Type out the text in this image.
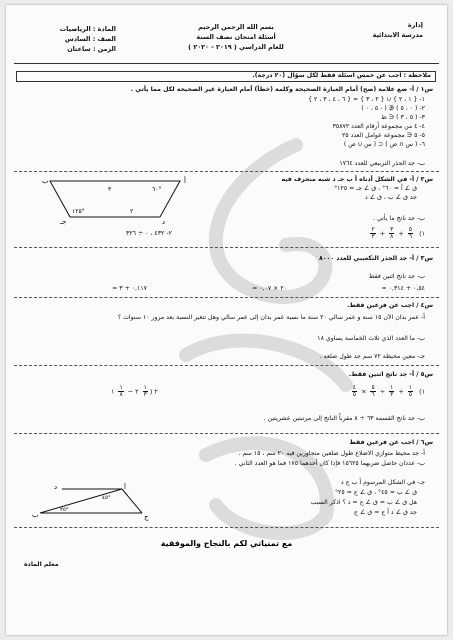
إدارة
مدرسة الابتدائية
بسم الله الرحمن الرحيم
أسئلة امتحان نصف السنة
للعام الدراسي ( ٢٠١٩ - ٢٠٢٠ )
المادة : الرياضيات
الصف : السادس
الزمن : ساعتان
ملاحظة : اجب عن خمس اسئلة فقط لكل سؤال (٢٠ درجة).
س١ / أ- ضع علامة (صح) أمام العبارة الصحيحة وكلمة (خطأ) أمام العبارة غير الصحيحة لكل مما يأتي .
١- { ١ ، ٢ } ∪ { ٢ ، ٣ } = { ٦ ، ٤ ، ٣ ، ٢ }
٢- ( ٠ ، ٥ ) ∉ ( - ٥ ، ٠ )
٣- ( ٥ ، ٣ ) ∈ ط
٤- ٤ من مجموعة أرقام العدد ٣٥٨٧٢
٥- ٥ ∈ مجموعة عوامل العدد ٢٥
٦- ( س ∩ ص ) ⊂ ( س ∪ ص )
ب- جد الجذر التربيعي للعدد ١٧٦٤
س٢ / أ- في الشكل أدناه أ ب جـ د شبه منحرف فيه
ق ∠ أ = ٦٠° ، ق ∠ جـ = ١٢٥°
جد ق ∠ ب ، ق ∠ د
ب	أ
د
جـ
٦٠°
١٢٥°
٣
٢
ب- جد ناتج ما يأتي .
$\frac{٢}{٣} + \frac{٣}{٨} + \frac{٥}{٦}$ (١
٢- ٤٣٢ ، ٠ ÷ ٣٢٦
س٣ / أ- جد الجذر التكعيبي للعدد ٨٠٠٠
ب- جد ناتج اثنين فقط
٠,٥٤ + ٠,٣١٤ =
٢٠ × ٠,٠٧ =
٠,١١٧ + ٣ =
س٤ / اجب عن فرعين فقط.
أ- عمر بدان الآن ١٥ سنة و عمر سالي ٢٠ سنة ما نسبة عمر بدان إلى عمر سالي وهل تتغير النسبة بعد مرور ١٠ سنوات ؟
ب- ما العدد الذي ثلاث الخماسة يساوي ١٨
جـ- معين محيطة ٧٢ سم جد طول ضلعه .
س٥ / أ- جد ناتج اثنين فقط.
$\frac{٤}{٥} \times \frac{٥}{٦} \div \frac{١}{٣} + \frac{١}{٥}$ (١
٢ (
$\frac{١}{٣}$
٢ −
$\frac{١}{٨}$
١
ب- جد ناتج القسمة ٦٣ ÷ ٨ مقرباً الناتج إلى مرتبتين عشريتين .
س٦ / اجب عن فرعين فقط
أ- جد محيط متوازي الاضلاع طول ضلعين متجاورين فيه ٢٠ سم ، ١٥ سم .
ب- عددان حاصل ضربهما ١٥٦٢٥ فإذا كان أحدهما ١٧٥ فما هو العدد الثاني .
جـ- في الشكل المرسوم أ ب ج د
ق ∠ ب = ٤٥° ، ق ∠ ج = ٢٥°
هل ق ∠ ب = ق ∠ ج = د ؟ اذكر السبب
جد ق ∠ د أ ج = ق ∠ ج
أ
ب	ج
د
٤٥°
٢٥°
مع تمنياتي لكم بالنجاح والموفقية
معلم المادة
